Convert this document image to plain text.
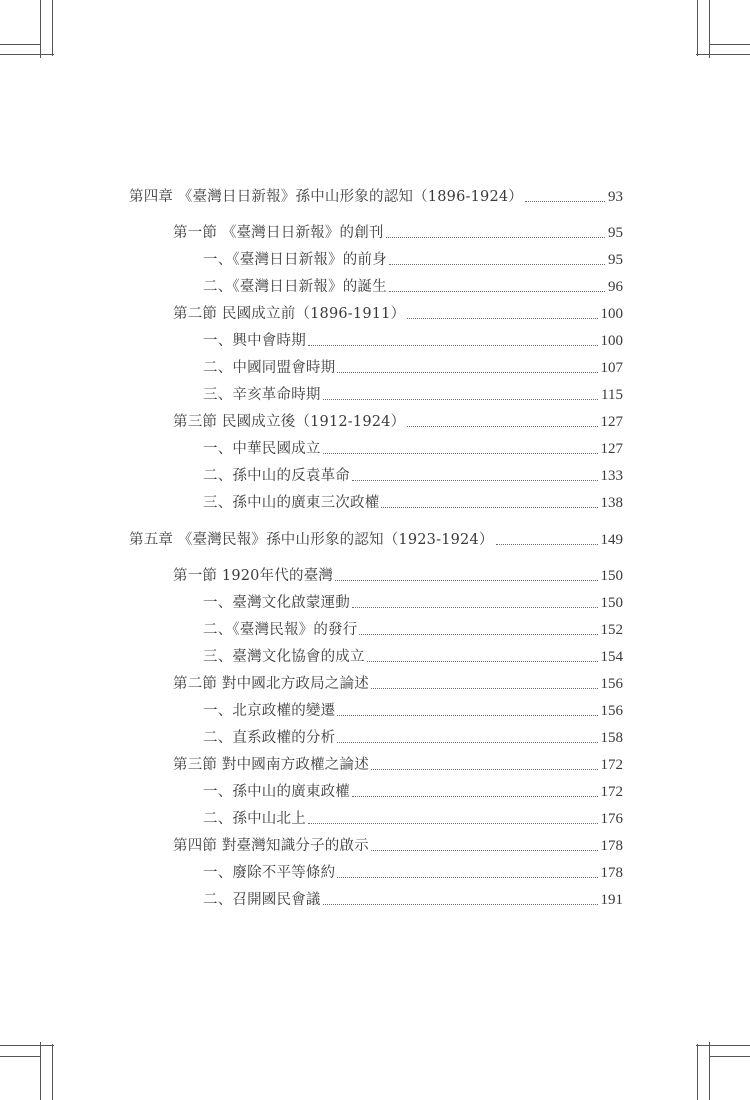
第四章 《臺灣日日新報》孫中山形象的認知（1896-1924）	93
第一節 《臺灣日日新報》的創刊	95
一、《臺灣日日新報》的前身	95
二、《臺灣日日新報》的誕生	96
第二節 民國成立前（1896-1911）	100
一、興中會時期	100
二、中國同盟會時期	107
三、辛亥革命時期	115
第三節 民國成立後（1912-1924）	127
一、中華民國成立	127
二、孫中山的反袁革命	133
三、孫中山的廣東三次政權	138
第五章 《臺灣民報》孫中山形象的認知（1923-1924）	149
第一節 1920年代的臺灣	150
一、臺灣文化啟蒙運動	150
二、《臺灣民報》的發行	152
三、臺灣文化協會的成立	154
第二節 對中國北方政局之論述	156
一、北京政權的變遷	156
二、直系政權的分析	158
第三節 對中國南方政權之論述	172
一、孫中山的廣東政權	172
二、孫中山北上	176
第四節 對臺灣知識分子的啟示	178
一、廢除不平等條約	178
二、召開國民會議	191
